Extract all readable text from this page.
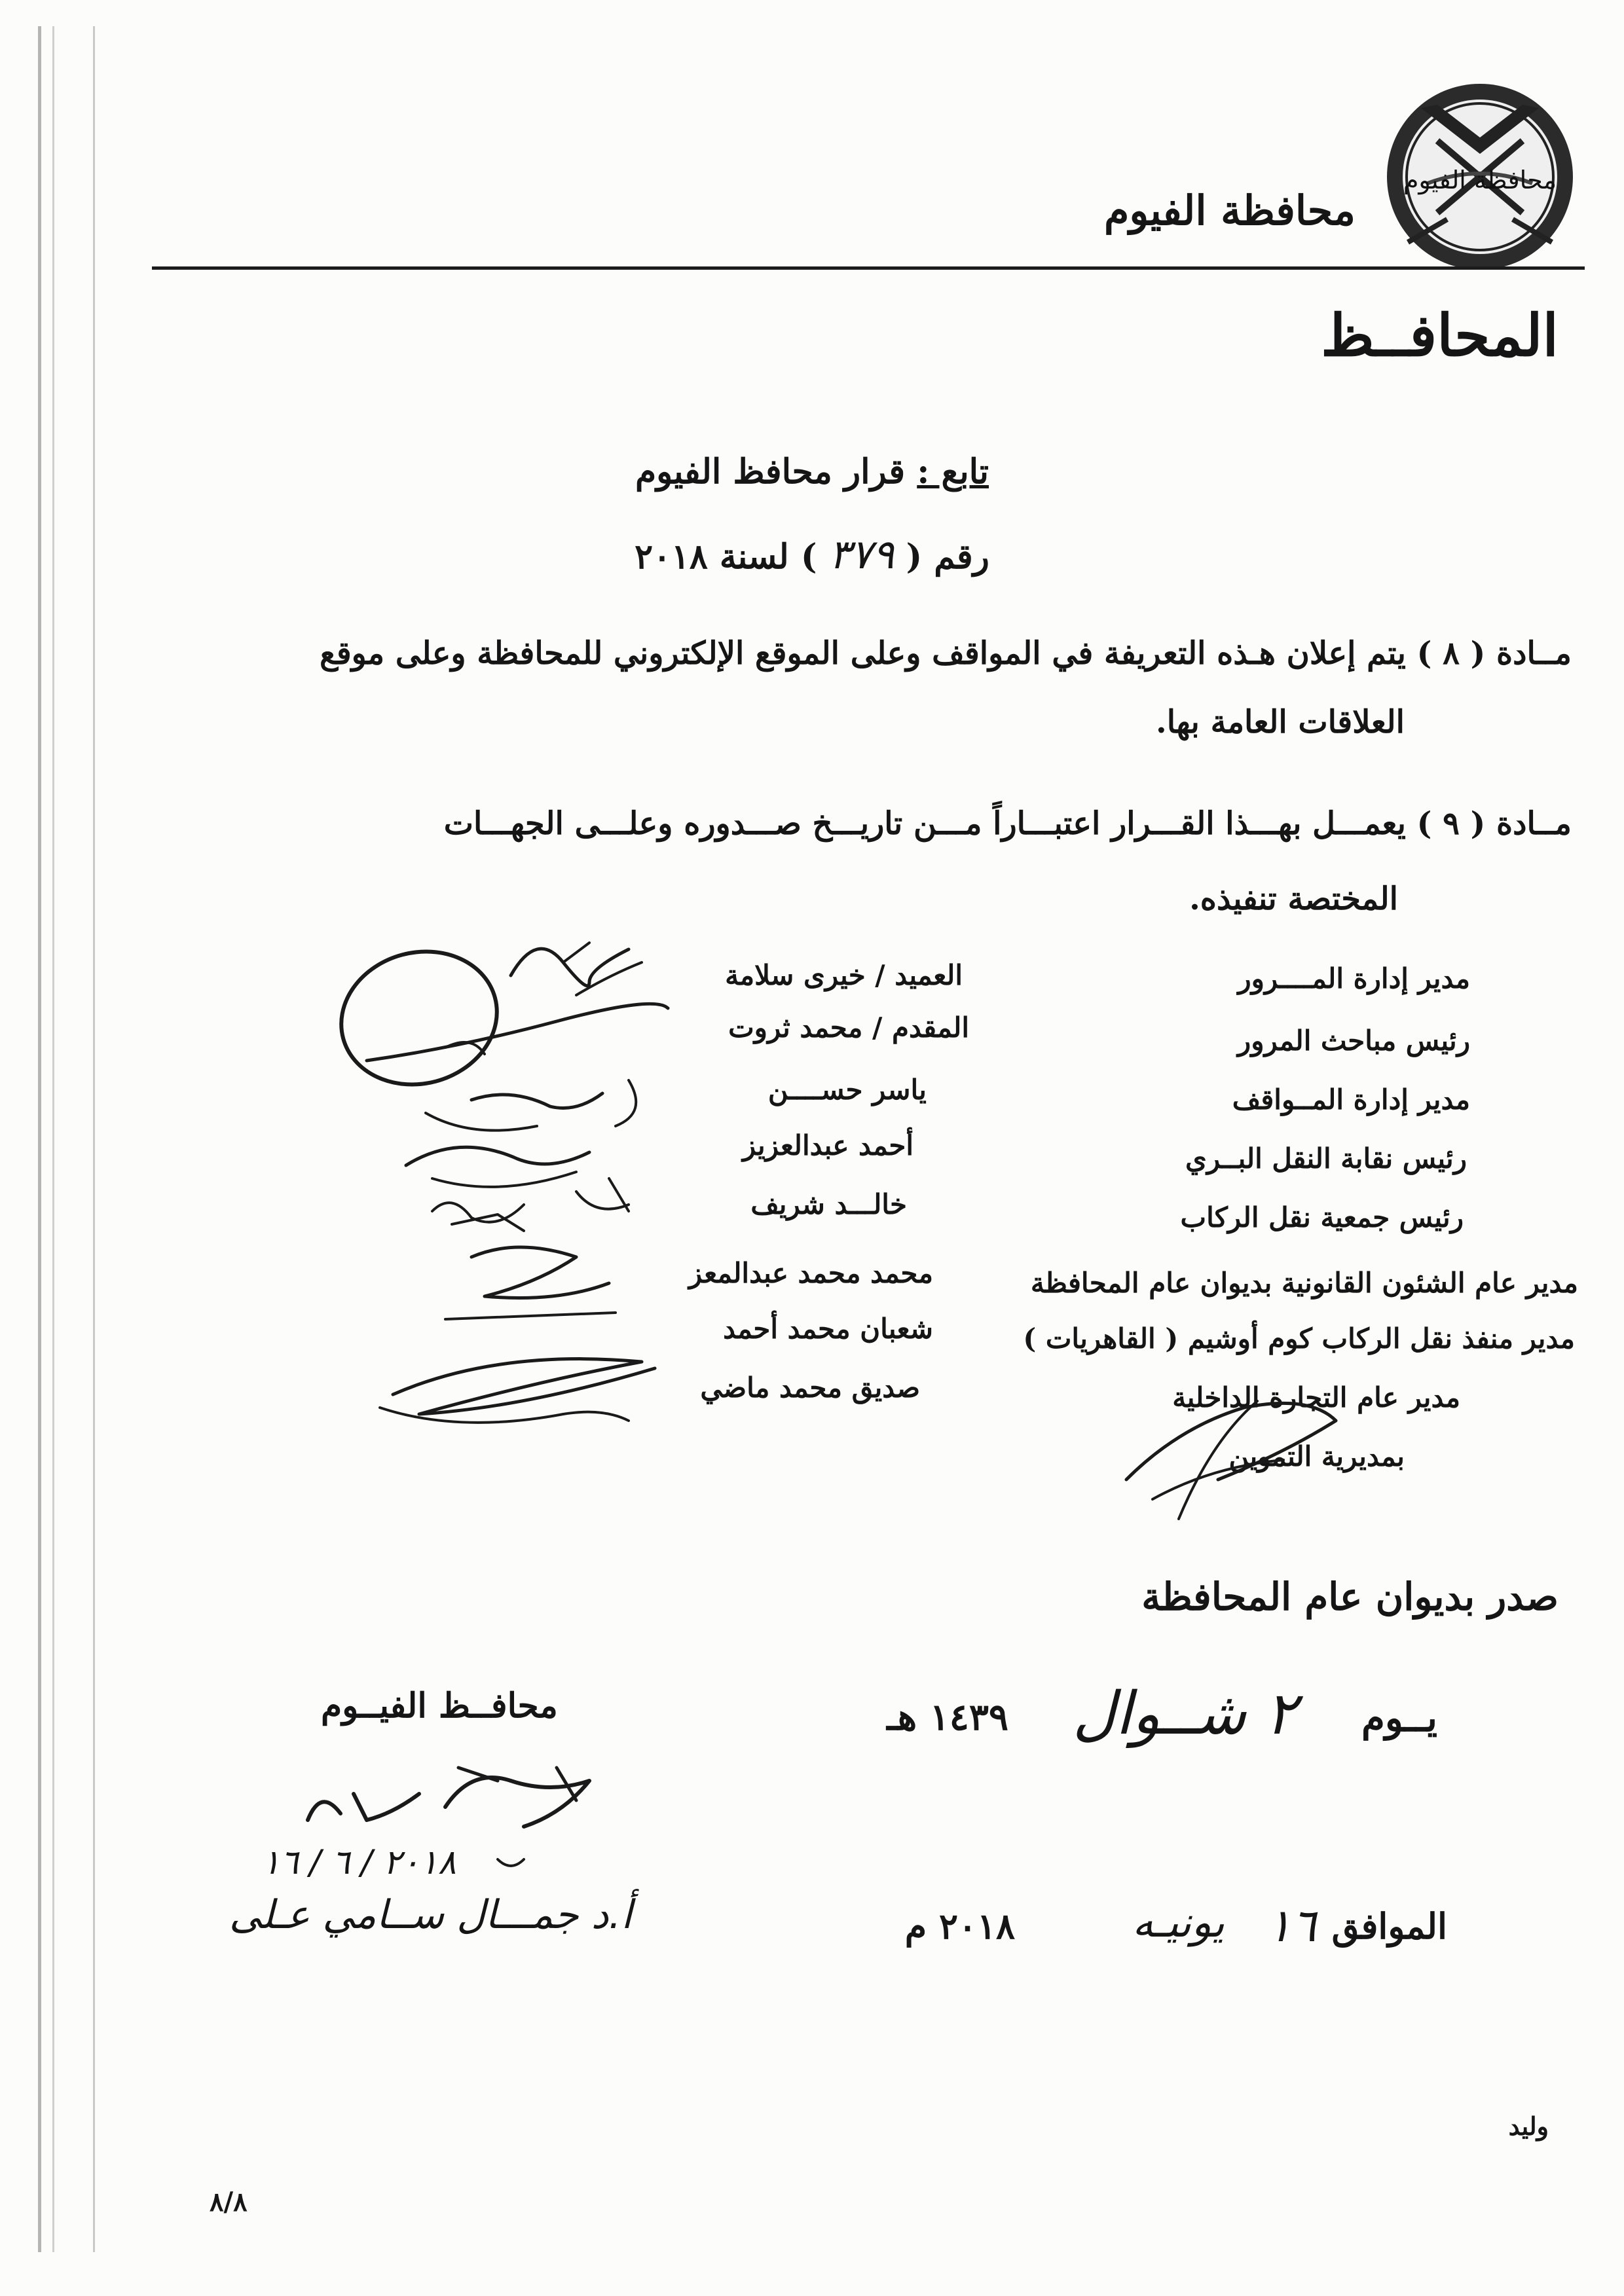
محافظة الفيوم
محافظة الفيوم
المحافــظ
تابع : قرار محافظ الفيوم
رقم ( ٣٧٩ ) لسنة ٢٠١٨
مــادة ( ٨ ) يتم إعلان هـذه التعريفة في المواقف وعلى الموقع الإلكتروني للمحافظة وعلى موقع
العلاقات العامة بها.
مــادة ( ٩ ) يعمـــل بهـــذا القـــرار اعتبـــاراً مـــن تاريـــخ صـــدوره وعلـــى الجهـــات
المختصة تنفيذه.
مدير إدارة المــــرور
رئيس مباحث المرور
مدير إدارة المــواقف
رئيس نقابة النقل البــري
رئيس جمعية نقل الركاب
مدير عام الشئون القانونية بديوان عام المحافظة
مدير منفذ نقل الركاب كوم أوشيم ( القاهريات )
مدير عام التجارة الداخلية
بمديرية التموين
العميد / خيرى سلامة
المقدم / محمد ثروت
ياسر حســــن
أحمد عبدالعزيز
خالـــد شريف
محمد محمد عبدالمعز
شعبان محمد أحمد
صديق محمد ماضي
صدر بديوان عام المحافظة
يــوم
٢ شــوال
١٤٣٩ هـ
الموافق
١٦
يونيـه
٢٠١٨ م
محافــظ الفيــوم
٢٠١٨ / ٦ / ١٦
أ.د جمـــال ســامي عـلى
وليد
٨/٨
